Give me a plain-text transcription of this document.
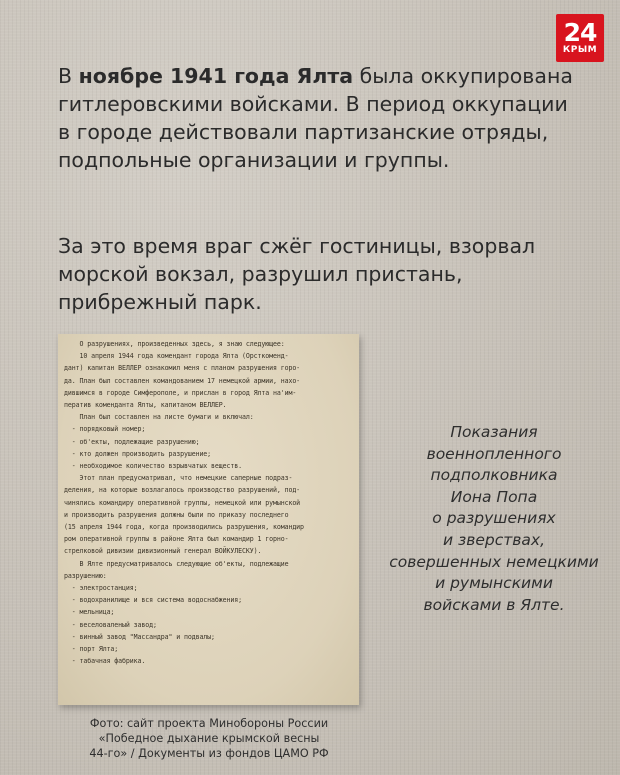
24
КРЫМ

В ноябре 1941 года Ялта была оккупирована гитлеровскими войсками. В период оккупации в городе действовали партизанские отряды, подпольные организации и группы.

За это время враг сжёг гостиницы, взорвал морской вокзал, разрушил пристань, прибрежный парк.

О разрушениях, произведенных здесь, я знаю следующее:
10 апреля 1944 года комендант города Ялта (Орсткоменд-
дант) капитан ВЕЛЛЕР ознакомил меня с планом разрушения горо-
да. План был составлен командованием 17 немецкой армии, нахо-
дившимся в городе Симферополе, и прислан в город Ялта на'им-
ператив коменданта Ялты, капитаном ВЕЛЛЕР.
План был составлен на листе бумаги и включал:
- порядковый номер;
- об'екты, подлежащие разрушению;
- кто должен производить разрушение;
- необходимое количество взрывчатых веществ.
Этот план предусматривал, что немецкие саперные подраз-
деления, на которые возлагалось производство разрушений, под-
чинялись командиру оперативной группы, немецкой или румынской
и производить разрушения должны были по приказу последнего
(15 апреля 1944 года, когда производились разрушения, командир
ром оперативной группы в районе Ялта был командир 1 горно-
стрелковой дивизии дивизионный генерал ВОЙКУЛЕСКУ).
В Ялте предусматривалось следующие об'екты, подлежащие
разрушению:
- электростанция;
- водохранилище и вся система водоснабжения;
- мельница;
- веселоваленый завод;
- винный завод "Массандра" и подвалы;
- порт Ялта;
- табачная фабрика.
Показания
военнопленного
подполковника
Иона Попа
о разрушениях
и зверствах,
совершенных немецкими
и румынскими
войсками в Ялте.
Фото: сайт проекта Минобороны России
«Победное дыхание крымской весны
44-го» / Документы из фондов ЦАМО РФ
